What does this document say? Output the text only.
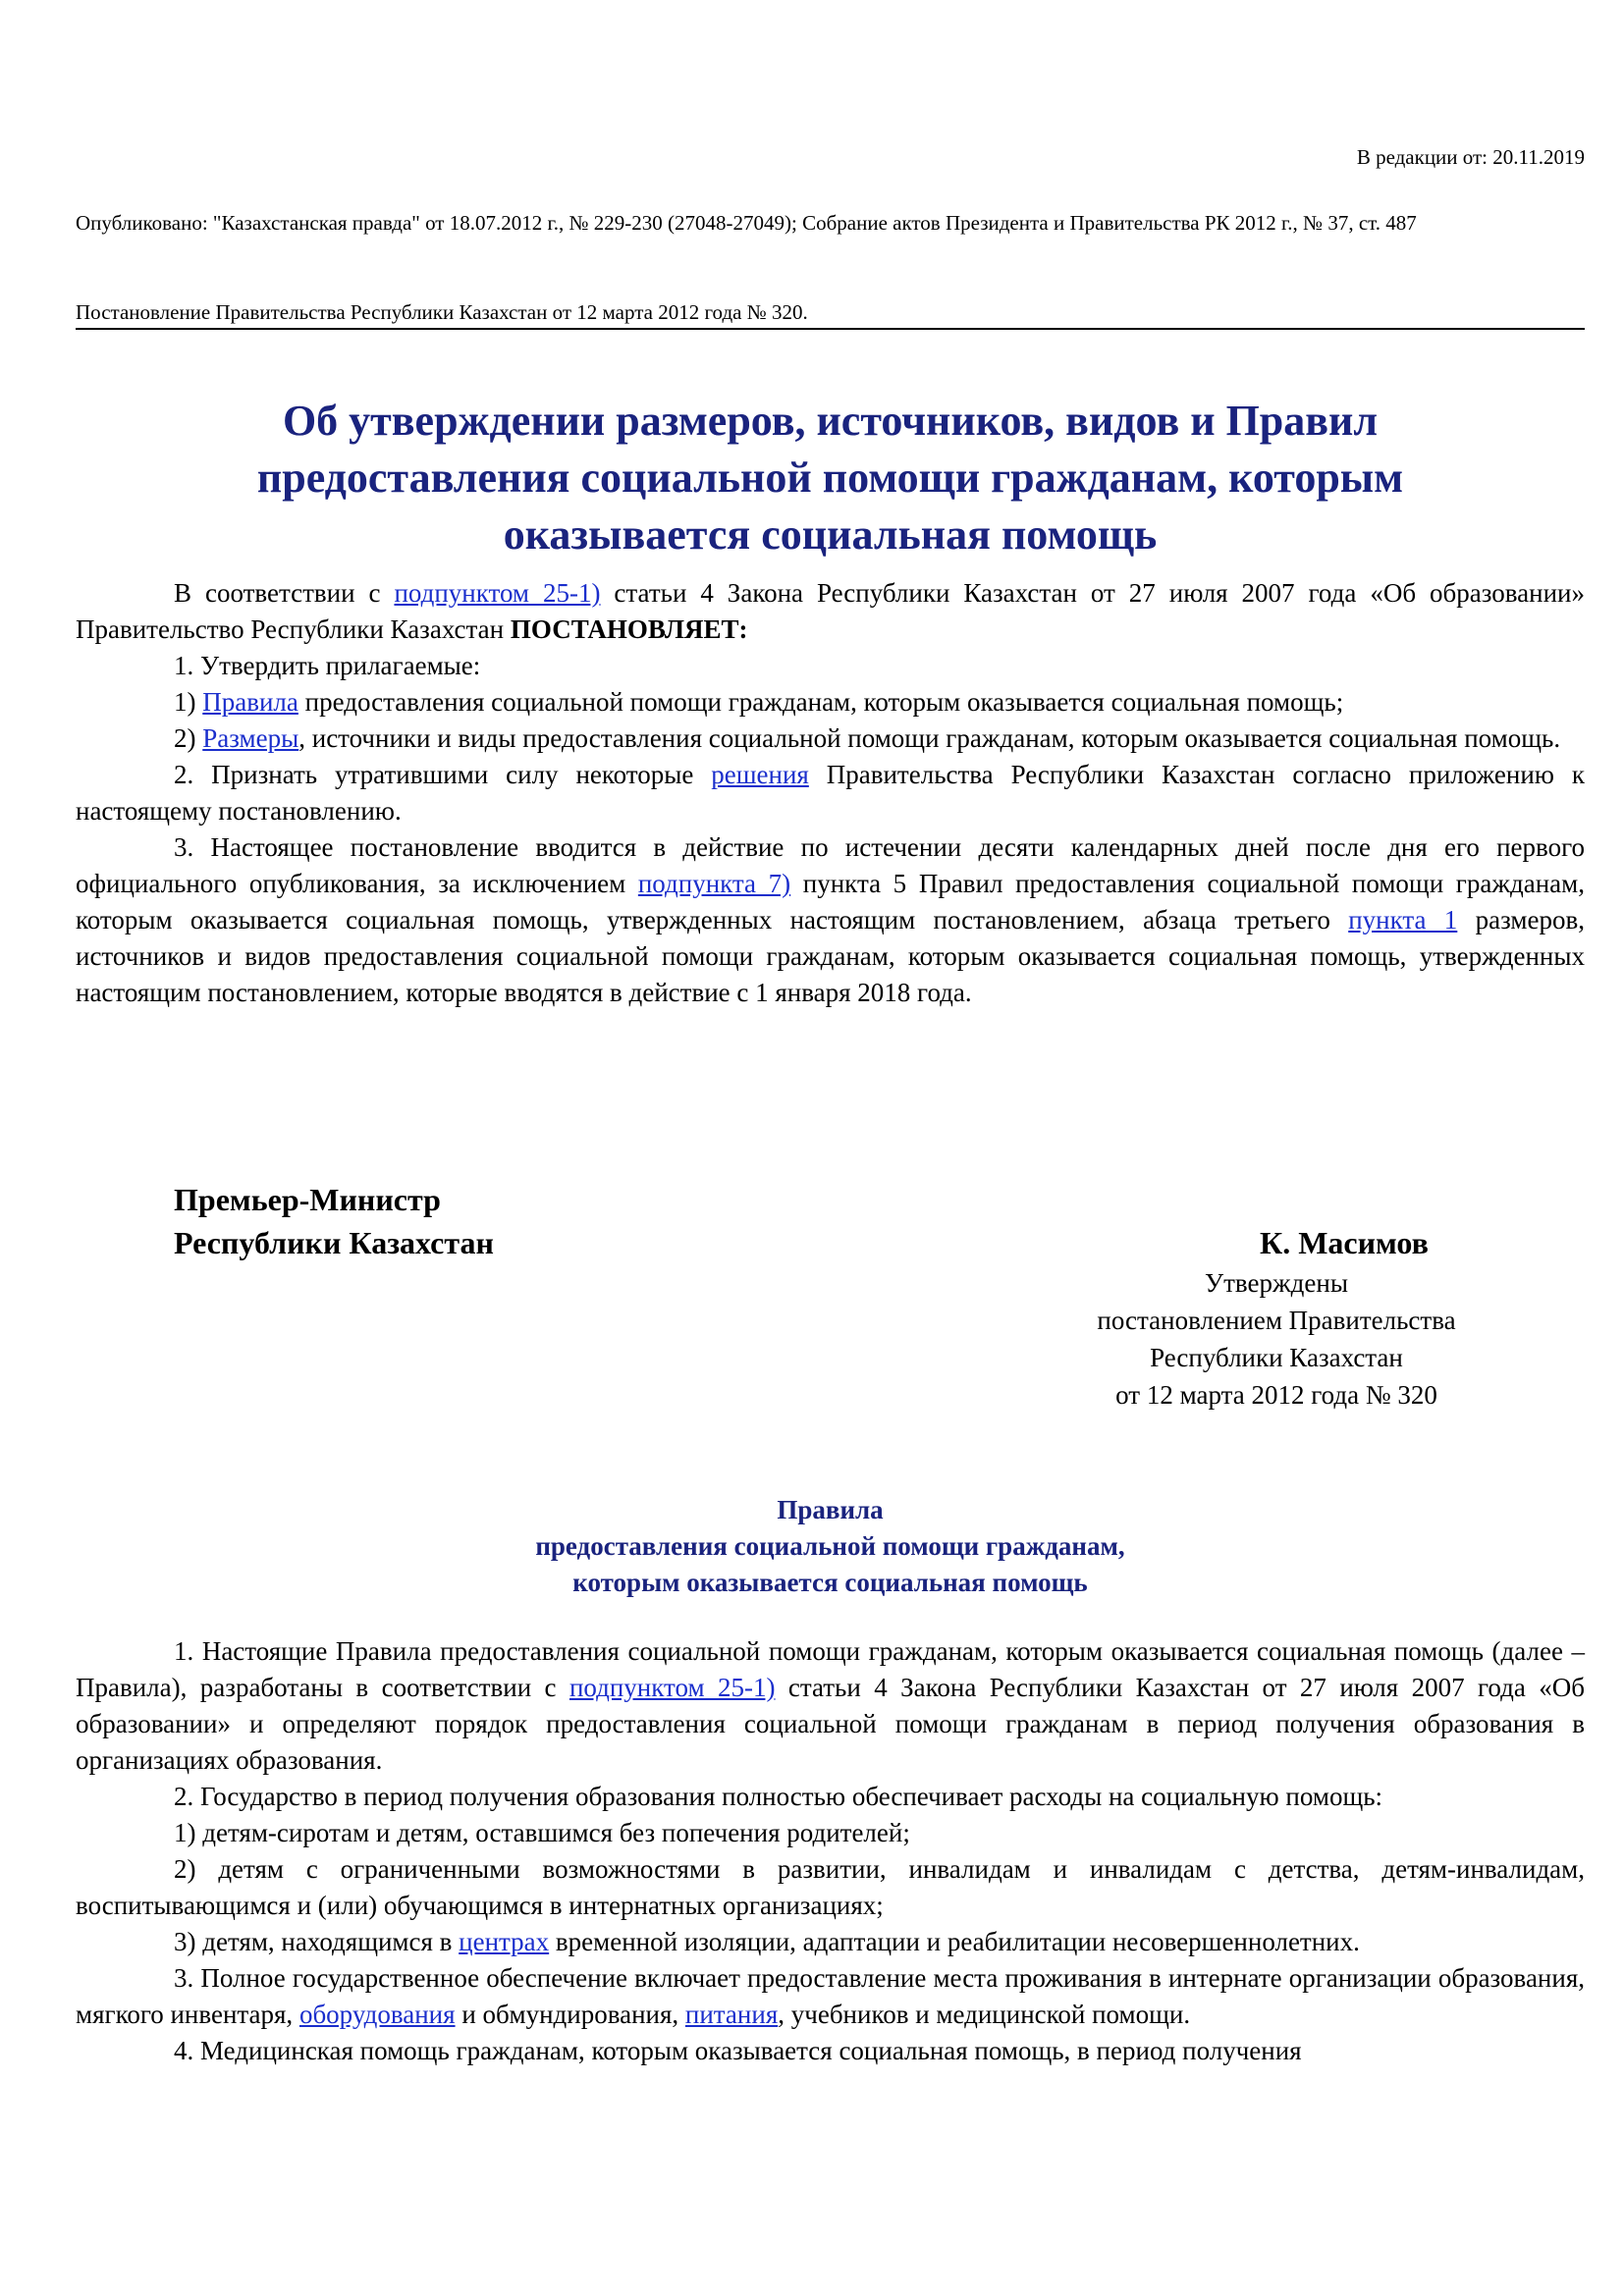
В редакции от: 20.11.2019
Опубликовано: "Казахстанская правда" от 18.07.2012 г., № 229-230 (27048-27049); Собрание актов Президента и Правительства РК 2012 г., № 37, ст. 487
Постановление Правительства Республики Казахстан от 12 марта 2012 года № 320.
Об утверждении размеров, источников, видов и Правил
предоставления социальной помощи гражданам, которым
оказывается социальная помощь

В соответствии с подпунктом 25-1) статьи 4 Закона Республики Казахстан от 27 июля 2007 года «Об образовании» Правительство Республики Казахстан ПОСТАНОВЛЯЕТ:

1. Утвердить прилагаемые:

1) Правила предоставления социальной помощи гражданам, которым оказывается социальная помощь;

2) Размеры, источники и виды предоставления социальной помощи гражданам, которым оказывается социальная помощь.

2. Признать утратившими силу некоторые решения Правительства Республики Казахстан согласно приложению к настоящему постановлению.

3. Настоящее постановление вводится в действие по истечении десяти календарных дней после дня его первого официального опубликования, за исключением подпункта 7) пункта 5 Правил предоставления социальной помощи гражданам, которым оказывается социальная помощь, утвержденных настоящим постановлением, абзаца третьего пункта 1 размеров, источников и видов предоставления социальной помощи гражданам, которым оказывается социальная помощь, утвержденных настоящим постановлением, которые вводятся в действие с 1 января 2018 года.

Премьер-Министр
Республики Казахстан	К. Масимов
Утверждены
постановлением Правительства
Республики Казахстан
от 12 марта 2012 года № 320
Правила
предоставления социальной помощи гражданам,
которым оказывается социальная помощь

1. Настоящие Правила предоставления социальной помощи гражданам, которым оказывается социальная помощь (далее – Правила), разработаны в соответствии с подпунктом 25-1) статьи 4 Закона Республики Казахстан от 27 июля 2007 года «Об образовании» и определяют порядок предоставления социальной помощи гражданам в период получения образования в организациях образования.

2. Государство в период получения образования полностью обеспечивает расходы на социальную помощь:

1) детям-сиротам и детям, оставшимся без попечения родителей;

2) детям с ограниченными возможностями в развитии, инвалидам и инвалидам с детства, детям-инвалидам, воспитывающимся и (или) обучающимся в интернатных организациях;

3) детям, находящимся в центрах временной изоляции, адаптации и реабилитации несовершеннолетних.

3. Полное государственное обеспечение включает предоставление места проживания в интернате организации образования, мягкого инвентаря, оборудования и обмундирования, питания, учебников и медицинской помощи.

4. Медицинская помощь гражданам, которым оказывается социальная помощь, в период получения
